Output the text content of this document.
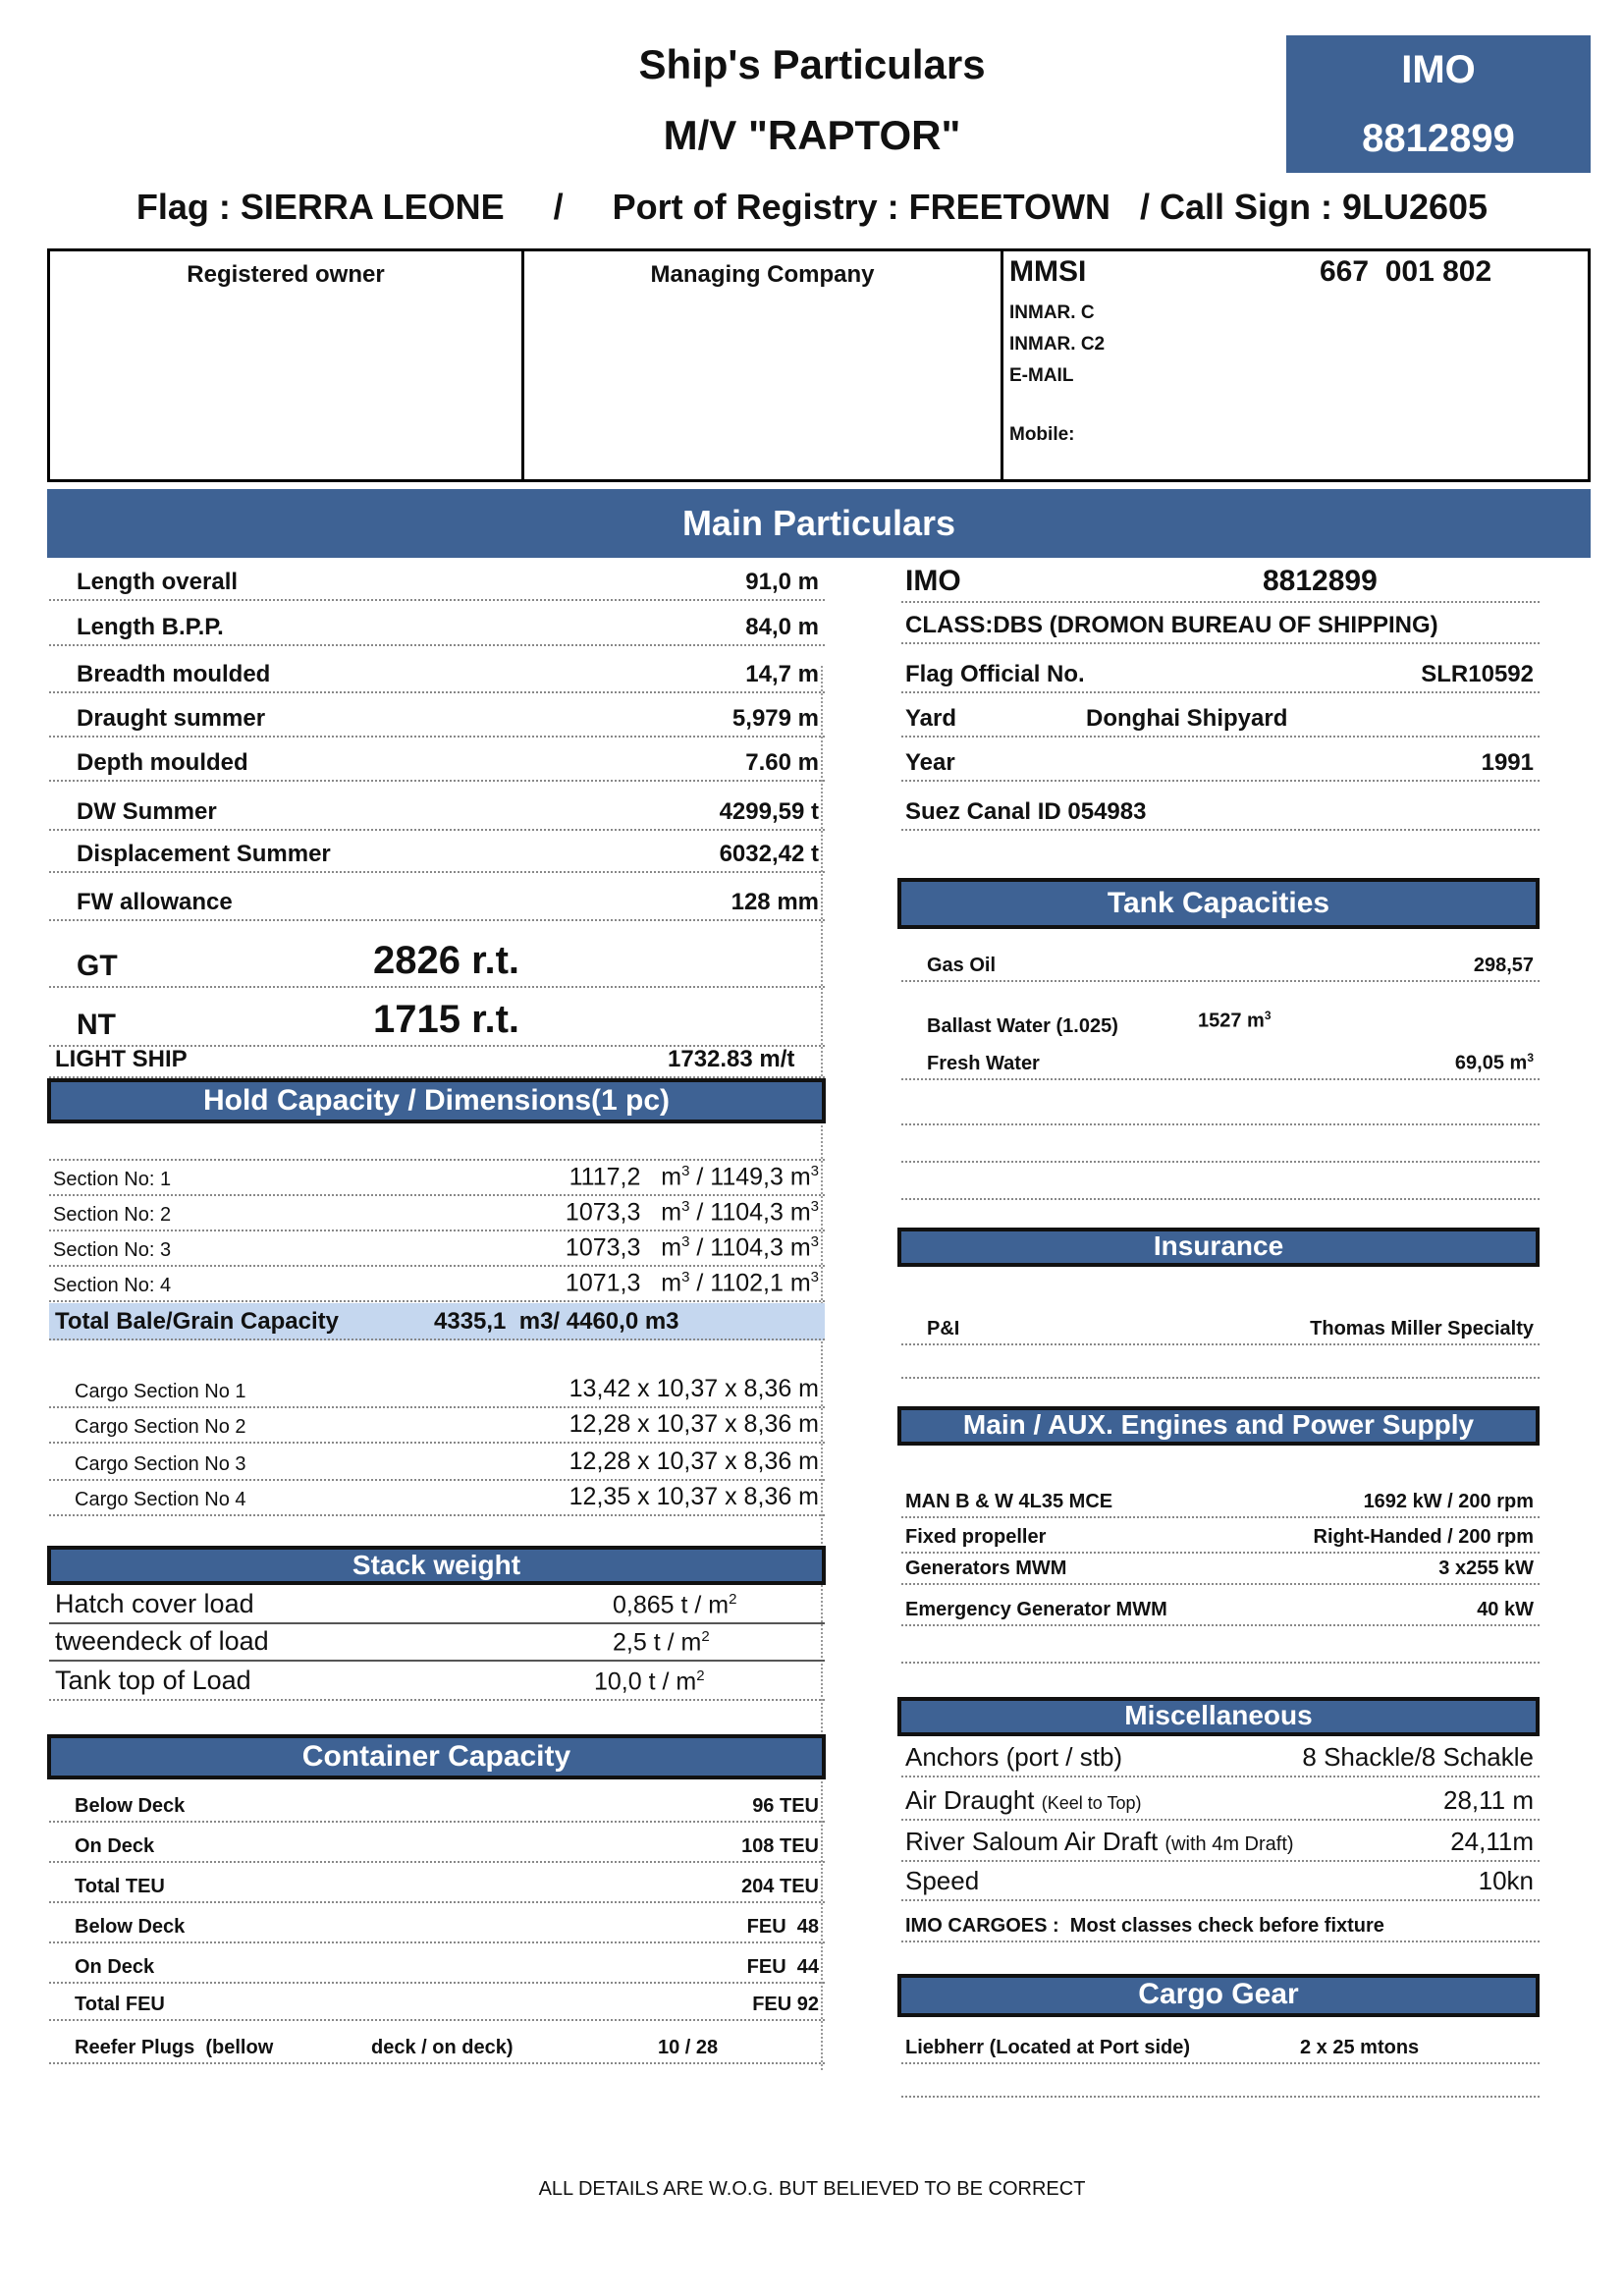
Ship's Particulars
M/V "RAPTOR"
IMO
8812899
Flag : SIERRA LEONE     /     Port of Registry : FREETOWN   / Call Sign : 9LU2605
Registered owner	Managing Company	MMSI	667  001 802
INMAR. C
INMAR. C2
E-MAIL
Mobile:
Main Particulars
Length overall	91,0 m
Length B.P.P.	84,0 m
Breadth moulded	14,7 m
Draught summer	5,979 m
Depth moulded	7.60 m
DW Summer	4299,59 t
Displacement Summer	6032,42 t
FW allowance	128 mm
GT	2826 r.t.
NT	1715 r.t.
LIGHT SHIP	1732.83 m/t
Hold Capacity / Dimensions(1 pc)
Section No: 1	1117,2 $m^3 / 1149,3$ $m^3$
Section No: 2	1073,3 $m^3 / 1104,3$ $m^3$
Section No: 3	1073,3 $m^3 / 1104,3$ $m^3$
Section No: 4	1071,3 $m^3 / 1102,1$ $m^3$
Total Bale/Grain Capacity	4335,1  m3/ 4460,0 m3
Cargo Section No 1	13,42 x 10,37 x 8,36 m
Cargo Section No 2	12,28 x 10,37 x 8,36 m
Cargo Section No 3	12,28 x 10,37 x 8,36 m
Cargo Section No 4	12,35 x 10,37 x 8,36 m
Stack weight
Hatch cover load	0,865 t / $m^2$
tweendeck of load	2,5 t / $m^2$
Tank top of Load	10,0 t / $m^2$
Container Capacity
Below Deck	96 TEU
On Deck	108 TEU
Total TEU	204 TEU
Below Deck	FEU  48
On Deck	FEU  44
Total FEU	FEU 92
Reefer Plugs  (bellow	deck / on deck)	10 / 28
IMO	8812899
CLASS:DBS (DROMON BUREAU OF SHIPPING)
Flag Official No.	SLR10592
Yard	Donghai Shipyard
Year	1991
Suez Canal ID 054983
Tank Capacities
Gas Oil	298,57
Ballast Water (1.025)	1527 $m^3$
Fresh Water	69,05 $m^3$
Insurance
P&I	Thomas Miller Specialty
Main / AUX. Engines and Power Supply
MAN B & W 4L35 MCE	1692 kW / 200 rpm
Fixed propeller	Right-Handed / 200 rpm
Generators MWM	3 x255 kW
Emergency Generator MWM	40 kW
Miscellaneous
Anchors (port / stb)	8 Shackle/8 Schakle
Air Draught (Keel to Top)	28,11 m
River Saloum Air Draft (with 4m Draft)	24,11m
Speed	10kn
IMO CARGOES :  Most classes check before fixture
Cargo Gear
Liebherr (Located at Port side)	2 x 25 mtons
ALL DETAILS ARE W.O.G. BUT BELIEVED TO BE CORRECT
